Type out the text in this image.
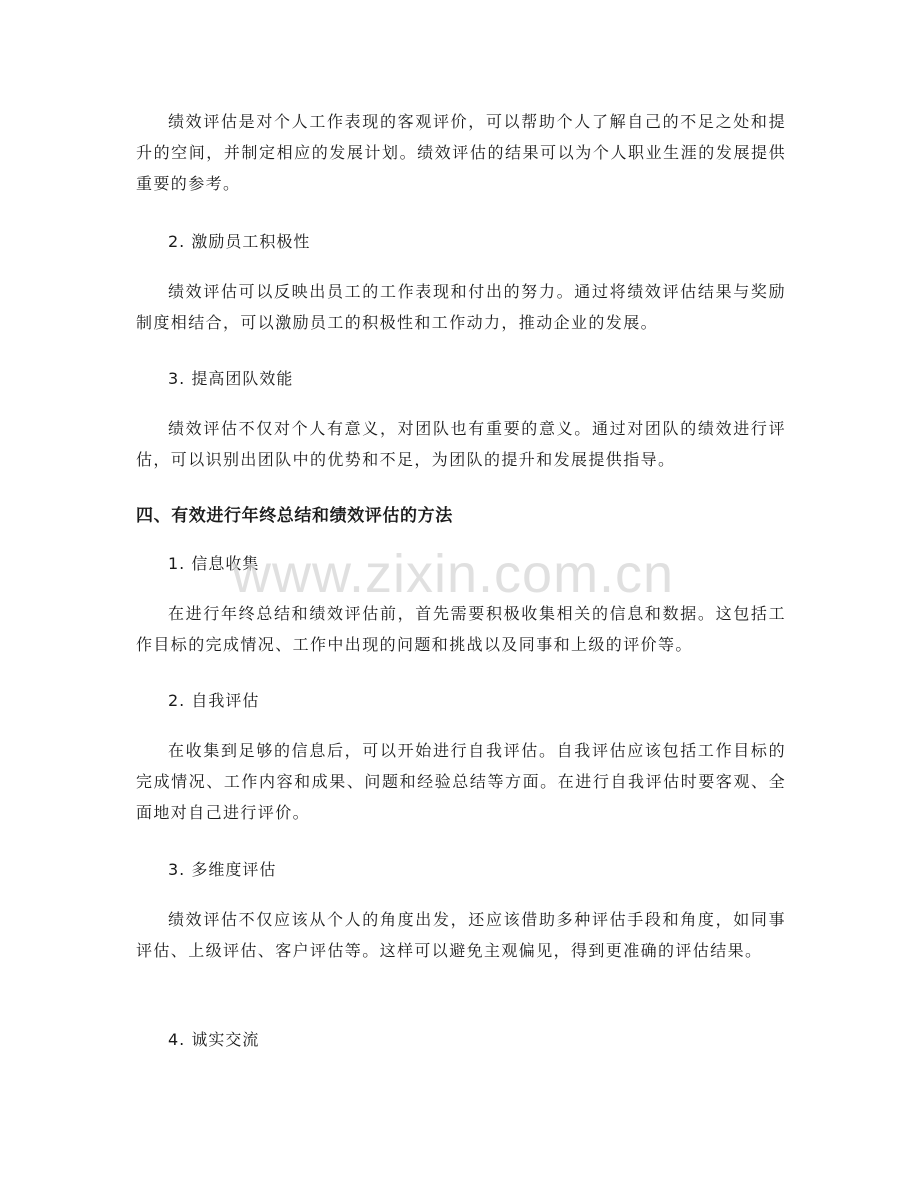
绩效评估是对个人工作表现的客观评价，可以帮助个人了解自己的不足之处和提升的空间，并制定相应的发展计划。绩效评估的结果可以为个人职业生涯的发展提供重要的参考。

2. 激励员工积极性

绩效评估可以反映出员工的工作表现和付出的努力。通过将绩效评估结果与奖励制度相结合，可以激励员工的积极性和工作动力，推动企业的发展。

3. 提高团队效能

绩效评估不仅对个人有意义，对团队也有重要的意义。通过对团队的绩效进行评估，可以识别出团队中的优势和不足，为团队的提升和发展提供指导。

四、有效进行年终总结和绩效评估的方法

1. 信息收集

在进行年终总结和绩效评估前，首先需要积极收集相关的信息和数据。这包括工作目标的完成情况、工作中出现的问题和挑战以及同事和上级的评价等。

2. 自我评估

在收集到足够的信息后，可以开始进行自我评估。自我评估应该包括工作目标的完成情况、工作内容和成果、问题和经验总结等方面。在进行自我评估时要客观、全面地对自己进行评价。

3. 多维度评估

绩效评估不仅应该从个人的角度出发，还应该借助多种评估手段和角度，如同事评估、上级评估、客户评估等。这样可以避免主观偏见，得到更准确的评估结果。

4. 诚实交流

www.zixin.com.cn
